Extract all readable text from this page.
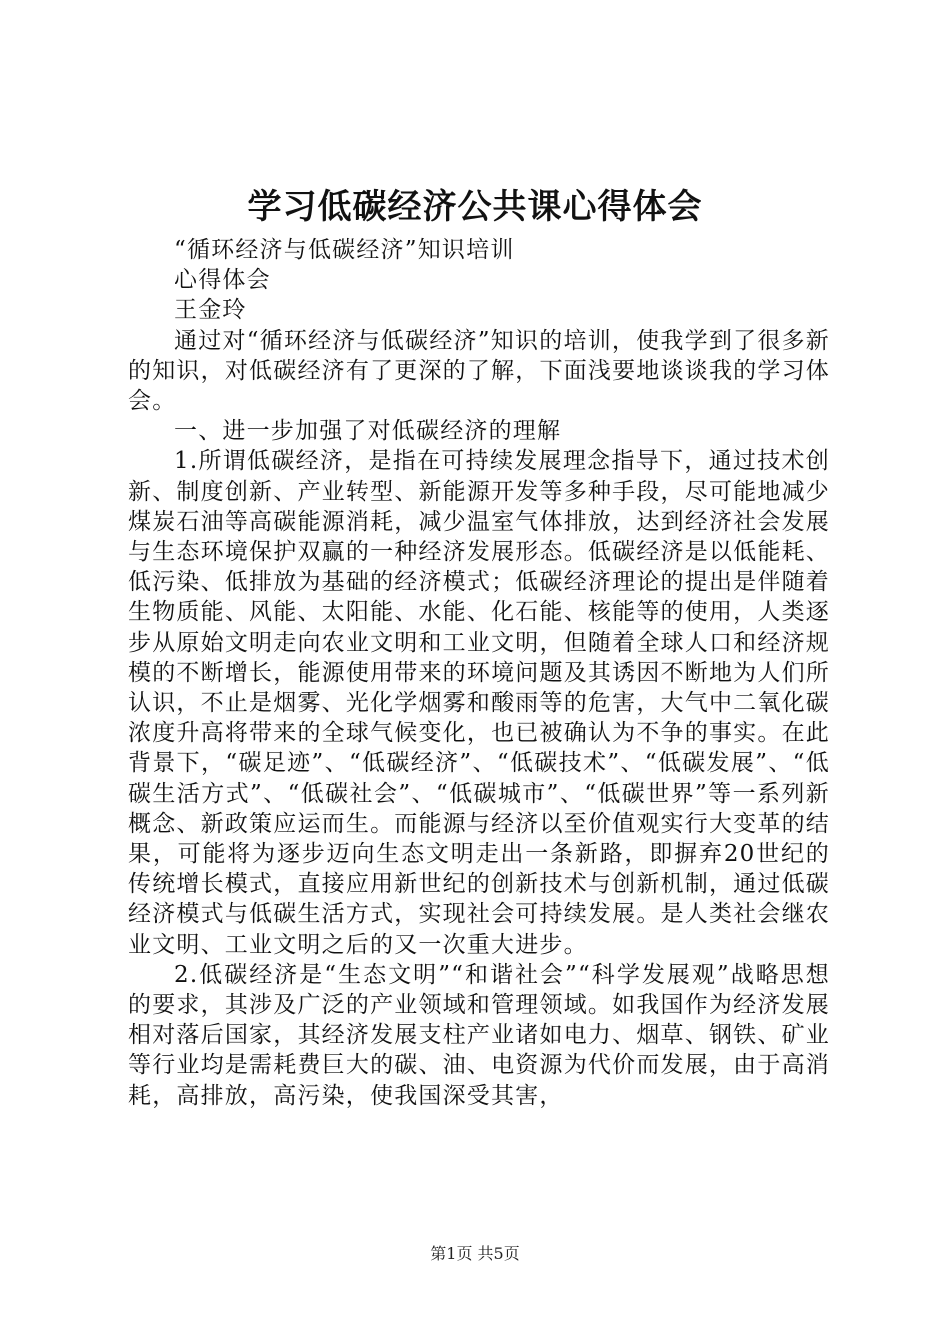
学习低碳经济公共课心得体会

“循环经济与低碳经济”知识培训

心得体会

王金玲

通过对“循环经济与低碳经济”知识的培训，使我学到了很多新的知识，对低碳经济有了更深的了解，下面浅要地谈谈我的学习体会。

一、进一步加强了对低碳经济的理解

1.所谓低碳经济，是指在可持续发展理念指导下，通过技术创新、制度创新、产业转型、新能源开发等多种手段，尽可能地减少煤炭石油等高碳能源消耗，减少温室气体排放，达到经济社会发展与生态环境保护双赢的一种经济发展形态。低碳经济是以低能耗、低污染、低排放为基础的经济模式；低碳经济理论的提出是伴随着生物质能、风能、太阳能、水能、化石能、核能等的使用，人类逐步从原始文明走向农业文明和工业文明，但随着全球人口和经济规模的不断增长，能源使用带来的环境问题及其诱因不断地为人们所认识，不止是烟雾、光化学烟雾和酸雨等的危害，大气中二氧化碳浓度升高将带来的全球气候变化，也已被确认为不争的事实。在此背景下，“碳足迹”、“低碳经济”、“低碳技术”、“低碳发展”、“低碳生活方式”、“低碳社会”、“低碳城市”、“低碳世界”等一系列新概念、新政策应运而生。而能源与经济以至价值观实行大变革的结果，可能将为逐步迈向生态文明走出一条新路，即摒弃20世纪的传统增长模式，直接应用新世纪的创新技术与创新机制，通过低碳经济模式与低碳生活方式，实现社会可持续发展。是人类社会继农业文明、工业文明之后的又一次重大进步。

2.低碳经济是“生态文明”“和谐社会”“科学发展观”战略思想的要求，其涉及广泛的产业领域和管理领域。如我国作为经济发展相对落后国家，其经济发展支柱产业诸如电力、烟草、钢铁、矿业等行业均是需耗费巨大的碳、油、电资源为代价而发展，由于高消耗，高排放，高污染，使我国深受其害，

第1页 共5页
